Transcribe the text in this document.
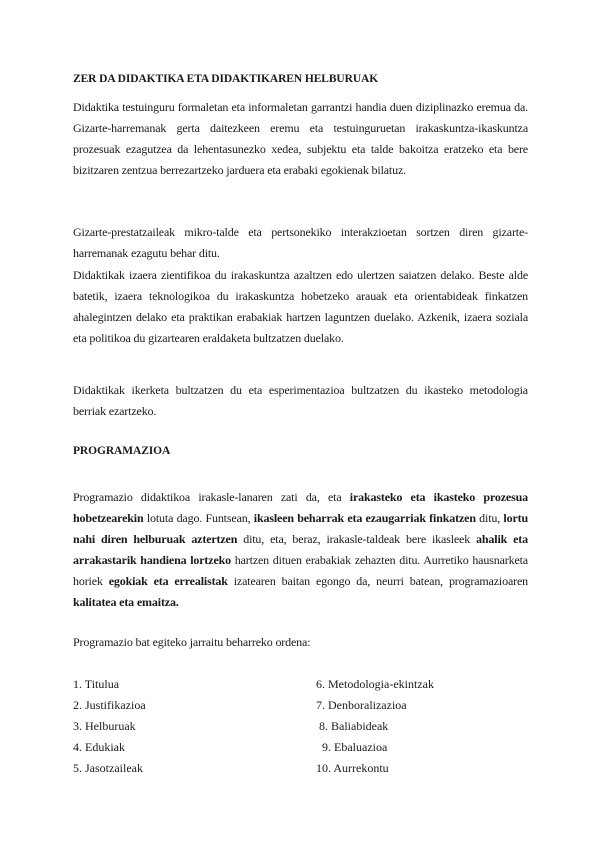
ZER DA DIDAKTIKA ETA DIDAKTIKAREN HELBURUAK
Didaktika testuinguru formaletan eta informaletan garrantzi handia duen diziplinazko eremua da. Gizarte-harremanak gerta daitezkeen eremu eta testuinguruetan irakaskuntza-ikaskuntza prozesuak ezagutzea da lehentasunezko xedea, subjektu eta talde bakoitza eratzeko eta bere bizitzaren zentzua berrezartzeko jarduera eta erabaki egokienak bilatuz.
Gizarte-prestatzaileak mikro-talde eta pertsonekiko interakzioetan sortzen diren gizarte-harremanak ezagutu behar ditu.
Didaktikak izaera zientifikoa du irakaskuntza azaltzen edo ulertzen saiatzen delako. Beste alde batetik, izaera teknologikoa du irakaskuntza hobetzeko arauak eta orientabideak finkatzen ahalegintzen delako eta praktikan erabakiak hartzen laguntzen duelako. Azkenik, izaera soziala eta politikoa du gizartearen eraldaketa bultzatzen duelako.
Didaktikak ikerketa bultzatzen du eta esperimentazioa bultzatzen du ikasteko metodologia berriak ezartzeko.
PROGRAMAZIOA
Programazio didaktikoa irakasle-lanaren zati da, eta irakasteko eta ikasteko prozesua hobetzearekin lotuta dago. Funtsean, ikasleen beharrak eta ezaugarriak finkatzen ditu, lortu nahi diren helburuak aztertzen ditu, eta, beraz, irakasle-taldeak bere ikasleek ahalik eta arrakastarik handiena lortzeko hartzen dituen erabakiak zehazten ditu. Aurretiko hausnarketa horiek egokiak eta errealistak izatearen baitan egongo da, neurri batean, programazioaren kalitatea eta emaitza.
Programazio bat egiteko jarraitu beharreko ordena:
1. Titulua
2. Justifikazioa
3. Helburuak
4. Edukiak
5. Jasotzaileak
6. Metodologia-ekintzak
7. Denboralizazioa
8. Baliabideak
9. Ebaluazioa
10. Aurrekontu
